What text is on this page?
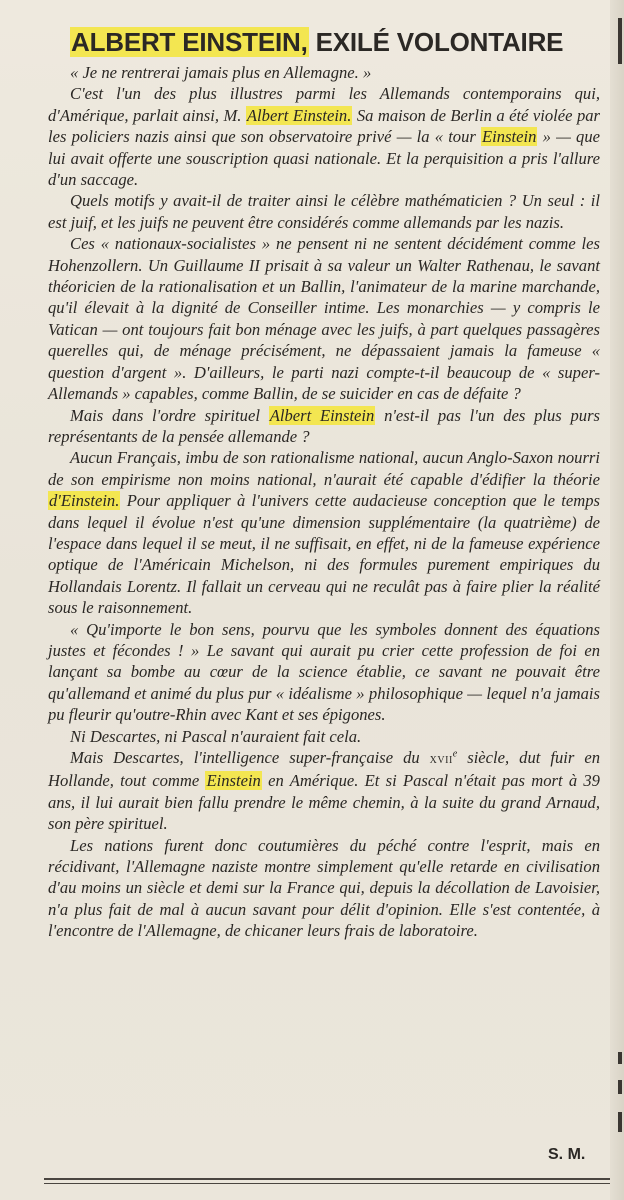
ALBERT EINSTEIN, EXILÉ VOLONTAIRE

« Je ne rentrerai jamais plus en Allemagne. »

C'est l'un des plus illustres parmi les Allemands contemporains qui, d'Amérique, parlait ainsi, M. Albert Einstein. Sa maison de Berlin a été violée par les policiers nazis ainsi que son observatoire privé — la « tour Einstein » — que lui avait offerte une souscription quasi nationale. Et la perquisition a pris l'allure d'un saccage.

Quels motifs y avait-il de traiter ainsi le célèbre mathématicien ? Un seul : il est juif, et les juifs ne peuvent être considérés comme allemands par les nazis.

Ces « nationaux-socialistes » ne pensent ni ne sentent décidément comme les Hohenzollern. Un Guillaume II prisait à sa valeur un Walter Rathenau, le savant théoricien de la rationalisation et un Ballin, l'animateur de la marine marchande, qu'il élevait à la dignité de Conseiller intime. Les monarchies — y compris le Vatican — ont toujours fait bon ménage avec les juifs, à part quelques passagères querelles qui, de ménage précisément, ne dépassaient jamais la fameuse « question d'argent ». D'ailleurs, le parti nazi compte-t-il beaucoup de « super-Allemands » capables, comme Ballin, de se suicider en cas de défaite ?

Mais dans l'ordre spirituel Albert Einstein n'est-il pas l'un des plus purs représentants de la pensée allemande ?

Aucun Français, imbu de son rationalisme national, aucun Anglo-Saxon nourri de son empirisme non moins national, n'aurait été capable d'édifier la théorie d'Einstein. Pour appliquer à l'univers cette audacieuse conception que le temps dans lequel il évolue n'est qu'une dimension supplémentaire (la quatrième) de l'espace dans lequel il se meut, il ne suffisait, en effet, ni de la fameuse expérience optique de l'Américain Michelson, ni des formules purement empiriques du Hollandais Lorentz. Il fallait un cerveau qui ne reculât pas à faire plier la réalité sous le raisonnement.

« Qu'importe le bon sens, pourvu que les symboles donnent des équations justes et fécondes ! » Le savant qui aurait pu crier cette profession de foi en lançant sa bombe au cœur de la science établie, ce savant ne pouvait être qu'allemand et animé du plus pur « idéalisme » philosophique — lequel n'a jamais pu fleurir qu'outre-Rhin avec Kant et ses épigones.

Ni Descartes, ni Pascal n'auraient fait cela.

Mais Descartes, l'intelligence super-française du xvii$^e$ siècle, dut fuir en Hollande, tout comme Einstein en Amérique. Et si Pascal n'était pas mort à 39 ans, il lui aurait bien fallu prendre le même chemin, à la suite du grand Arnaud, son père spirituel.

Les nations furent donc coutumières du péché contre l'esprit, mais en récidivant, l'Allemagne naziste montre simplement qu'elle retarde en civilisation d'au moins un siècle et demi sur la France qui, depuis la décollation de Lavoisier, n'a plus fait de mal à aucun savant pour délit d'opinion. Elle s'est contentée, à l'encontre de l'Allemagne, de chicaner leurs frais de laboratoire.

S. M.
